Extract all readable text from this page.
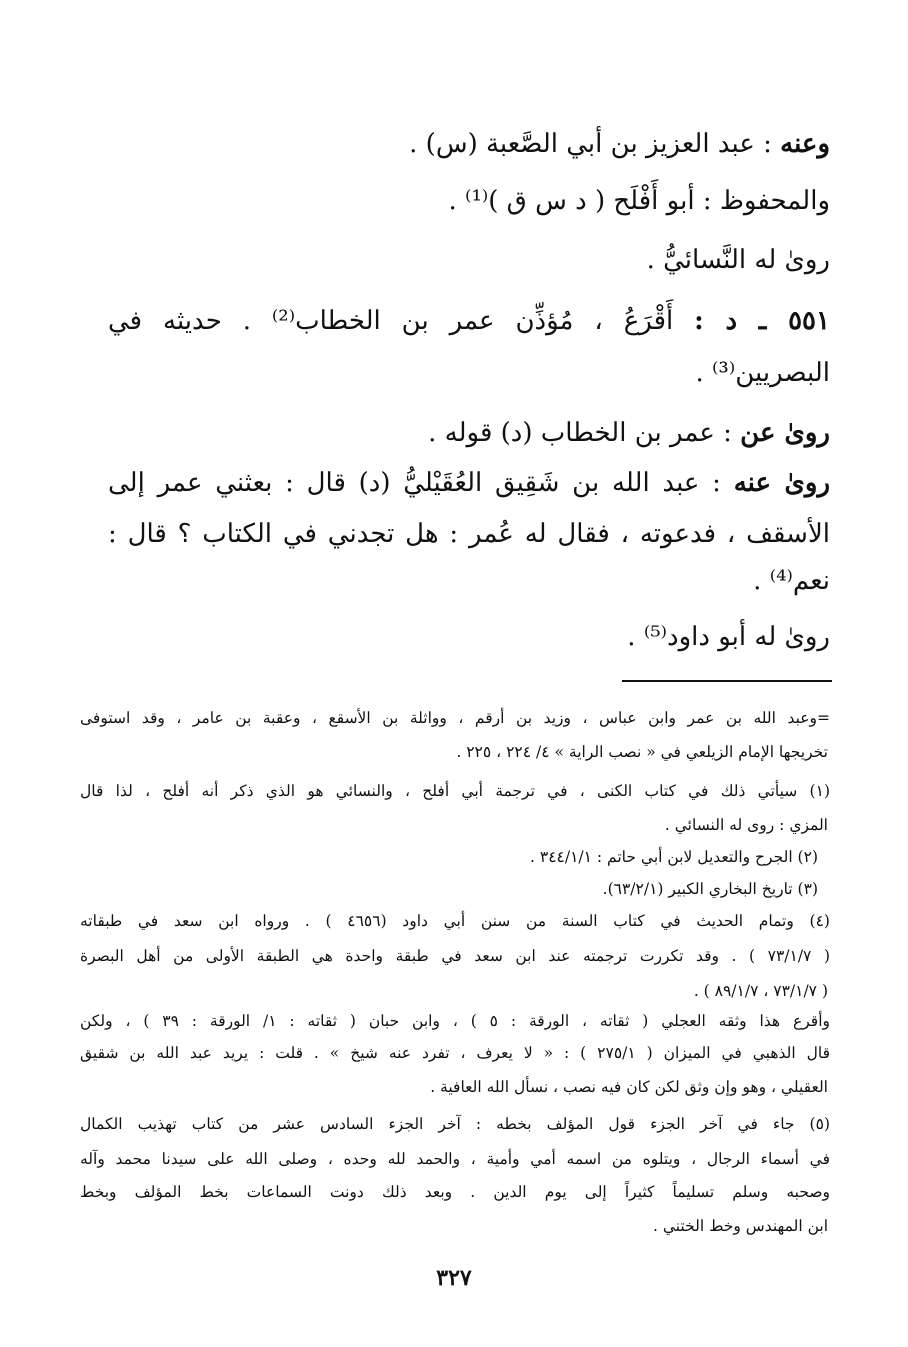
وعنه : عبد العزيز بن أبي الصَّعبة (س) .
والمحفوظ : أبو أَفْلَح ( د س ق )⁽¹⁾ .
روىٰ له النَّسائيُّ .
٥٥١ ـ د : أَقْرَعُ ، مُؤذِّن عمر بن الخطاب⁽²⁾ . حديثه في
البصريين⁽³⁾ .
روىٰ عن : عمر بن الخطاب (د) قوله .
روىٰ عنه : عبد الله بن شَقِيق العُقَيْليُّ (د) قال : بعثني عمر إلى
الأسقف ، فدعوته ، فقال له عُمر : هل تجدني في الكتاب ؟ قال :
نعم⁽⁴⁾ .
روىٰ له أبو داود⁽⁵⁾ .
=وعبد الله بن عمر وابن عباس ، وزيد بن أرقم ، وواثلة بن الأسقع ، وعقبة بن عامر ، وقد استوفى
تخريجها الإمام الزيلعي في « نصب الراية » ٤/ ٢٢٤ ، ٢٢٥ .
(١) سيأتي ذلك في كتاب الكنى ، في ترجمة أبي أفلح ، والنسائي هو الذي ذكر أنه أفلح ، لذا قال
المزي : روى له النسائي .
(٢) الجرح والتعديل لابن أبي حاتم : ٣٤٤/١/١ .
(٣) تاريخ البخاري الكبير (٦٣/٢/١).
(٤) وتمام الحديث في كتاب السنة من سنن أبي داود (٤٦٥٦ ) . ورواه ابن سعد في طبقاته
( ٧٣/١/٧ ) . وقد تكررت ترجمته عند ابن سعد في طبقة واحدة هي الطبقة الأولى من أهل البصرة
( ٧٣/١/٧ ، ٨٩/١/٧ ) .
وأقرع هذا وثقه العجلي ( ثقاته ، الورقة : ٥ ) ، وابن حبان ( ثقاته : ١/ الورقة : ٣٩ ) ، ولكن
قال الذهبي في الميزان ( ٢٧٥/١ ) : « لا يعرف ، تفرد عنه شيخ » . قلت : يريد عبد الله بن شقيق
العقيلي ، وهو وإن وثق لكن كان فيه نصب ، نسأل الله العافية .
(٥) جاء في آخر الجزء قول المؤلف بخطه : آخر الجزء السادس عشر من كتاب تهذيب الكمال
في أسماء الرجال ، ويتلوه من اسمه أمي وأمية ، والحمد لله وحده ، وصلى الله على سيدنا محمد وآله
وصحبه وسلم تسليماً كثيراً إلى يوم الدين . وبعد ذلك دونت السماعات بخط المؤلف وبخط
ابن المهندس وخط الختني .
٣٢٧
